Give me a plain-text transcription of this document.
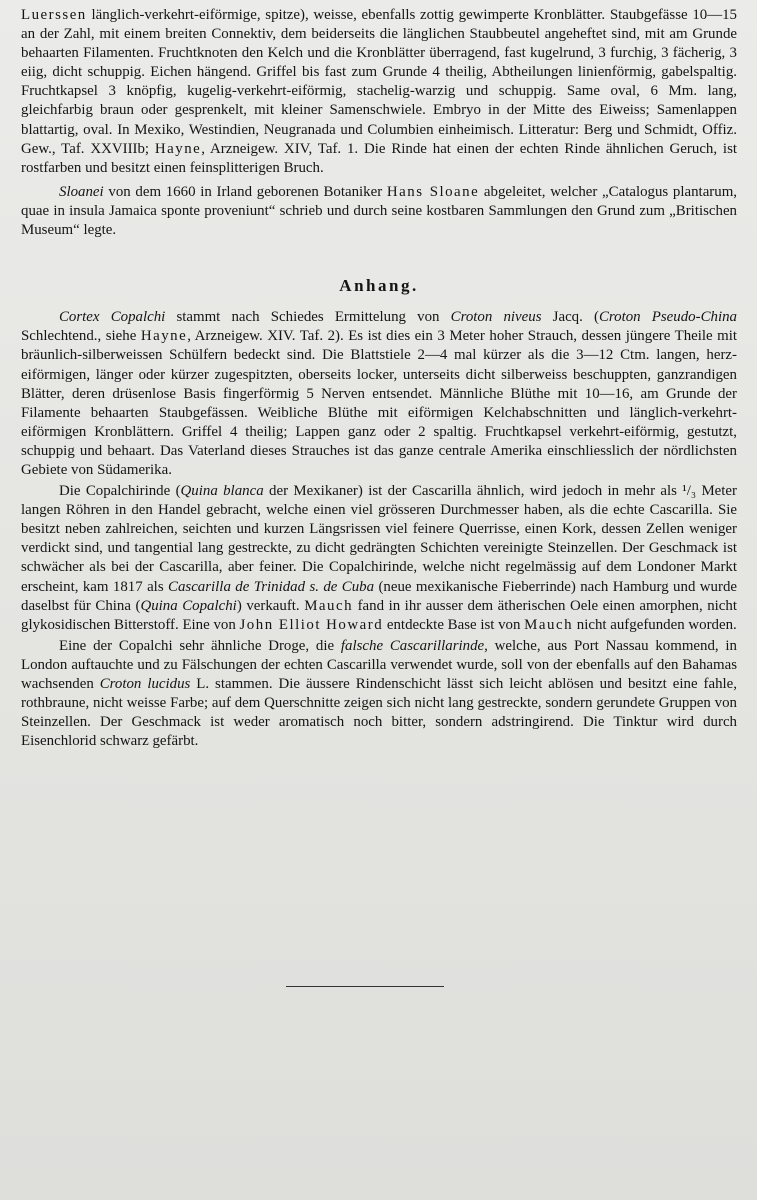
Luerssen länglich-verkehrt-eiförmige, spitze), weisse, ebenfalls zottig gewimperte Kronblätter. Staubgefässe 10—15 an der Zahl, mit einem breiten Connektiv, dem beiderseits die länglichen Staubbeutel angeheftet sind, mit am Grunde behaarten Filamenten. Fruchtknoten den Kelch und die Kronblätter überragend, fast kugelrund, 3 furchig, 3 fächerig, 3 eiig, dicht schuppig. Eichen hängend. Griffel bis fast zum Grunde 4 theilig, Abtheilungen linienförmig, gabelspaltig. Fruchtkapsel 3 knöpfig, kugelig-verkehrt-eiförmig, stachelig-warzig und schuppig. Same oval, 6 Mm. lang, gleichfarbig braun oder gesprenkelt, mit kleiner Samenschwiele. Embryo in der Mitte des Eiweiss; Samenlappen blattartig, oval. In Mexiko, Westindien, Neugranada und Columbien einheimisch. Litteratur: Berg und Schmidt, Offiz. Gew., Taf. XXVIIIb; Hayne, Arzneigew. XIV, Taf. 1. Die Rinde hat einen der echten Rinde ähnlichen Geruch, ist rostfarben und besitzt einen feinsplitterigen Bruch.

Sloanei von dem 1660 in Irland geborenen Botaniker Hans Sloane abgeleitet, welcher „Catalogus plantarum, quae in insula Jamaica sponte proveniunt“ schrieb und durch seine kostbaren Sammlungen den Grund zum „Britischen Museum“ legte.

Anhang.

Cortex Copalchi stammt nach Schiedes Ermittelung von Croton niveus Jacq. (Croton Pseudo-China Schlechtend., siehe Hayne, Arzneigew. XIV. Taf. 2). Es ist dies ein 3 Meter hoher Strauch, dessen jüngere Theile mit bräunlich-silberweissen Schülfern bedeckt sind. Die Blattstiele 2—4 mal kürzer als die 3—12 Ctm. langen, herz-eiförmigen, länger oder kürzer zugespitzten, oberseits locker, unterseits dicht silberweiss beschuppten, ganzrandigen Blätter, deren drüsenlose Basis fingerförmig 5 Nerven entsendet. Männliche Blüthe mit 10—16, am Grunde der Filamente behaarten Staubgefässen. Weibliche Blüthe mit eiförmigen Kelchabschnitten und länglich-verkehrt-eiförmigen Kronblättern. Griffel 4 theilig; Lappen ganz oder 2 spaltig. Fruchtkapsel verkehrt-eiförmig, gestutzt, schuppig und behaart. Das Vaterland dieses Strauches ist das ganze centrale Amerika einschliesslich der nördlichsten Gebiete von Südamerika.

Die Copalchirinde (Quina blanca der Mexikaner) ist der Cascarilla ähnlich, wird jedoch in mehr als ¹/₃ Meter langen Röhren in den Handel gebracht, welche einen viel grösseren Durchmesser haben, als die echte Cascarilla. Sie besitzt neben zahlreichen, seichten und kurzen Längsrissen viel feinere Querrisse, einen Kork, dessen Zellen weniger verdickt sind, und tangential lang gestreckte, zu dicht gedrängten Schichten vereinigte Steinzellen. Der Geschmack ist schwächer als bei der Cascarilla, aber feiner. Die Copalchirinde, welche nicht regelmässig auf dem Londoner Markt erscheint, kam 1817 als Cascarilla de Trinidad s. de Cuba (neue mexikanische Fieberrinde) nach Hamburg und wurde daselbst für China (Quina Copalchi) verkauft. Mauch fand in ihr ausser dem ätherischen Oele einen amorphen, nicht glykosidischen Bitterstoff. Eine von John Elliot Howard entdeckte Base ist von Mauch nicht aufgefunden worden.

Eine der Copalchi sehr ähnliche Droge, die falsche Cascarillarinde, welche, aus Port Nassau kommend, in London auftauchte und zu Fälschungen der echten Cascarilla verwendet wurde, soll von der ebenfalls auf den Bahamas wachsenden Croton lucidus L. stammen. Die äussere Rindenschicht lässt sich leicht ablösen und besitzt eine fahle, rothbraune, nicht weisse Farbe; auf dem Querschnitte zeigen sich nicht lang gestreckte, sondern gerundete Gruppen von Steinzellen. Der Geschmack ist weder aromatisch noch bitter, sondern adstringirend. Die Tinktur wird durch Eisenchlorid schwarz gefärbt.
